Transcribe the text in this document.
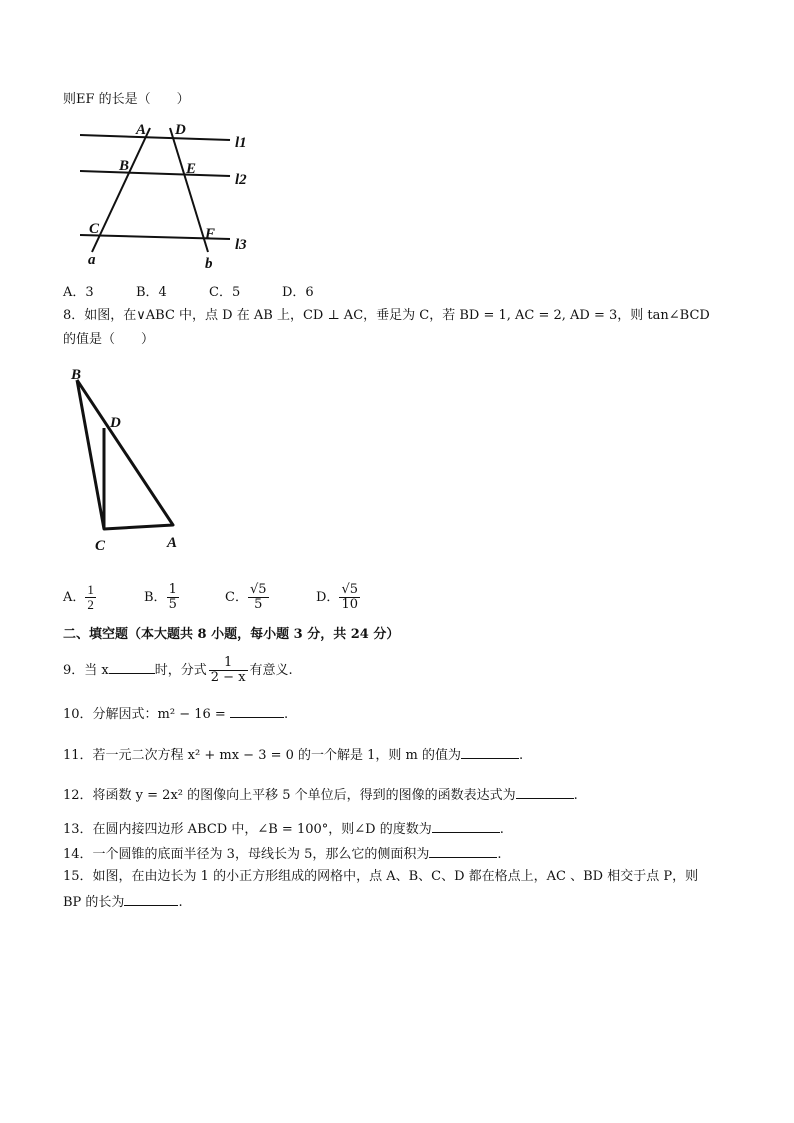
则EF 的长是（　　）
A D
B	E
C	F
l1
l2
l3
a	b
A．3	B．4	C．5	D．6
8．如图，在∨ABC 中，点 D 在 AB 上，CD ⊥ AC，垂足为 C，若 BD = 1, AC = 2, AD = 3，则 tan∠BCD
的值是（　　）
B
D
C	A
A． $\frac{1}{2}$	B． $\frac{1}{5}$	C． $\frac{√5}{5}$	D． $\frac{√5}{10}$
二、填空题（本大题共 8 小题，每小题 3 分，共 24 分）
9．当 x	时，分式 $\frac{1}{2 - x}$ 有意义.
10．分解因式：m² − 16 =	.
11．若一元二次方程 x² + mx − 3 = 0 的一个解是 1，则 m 的值为	.
12．将函数 y = 2x² 的图像向上平移 5 个单位后，得到的图像的函数表达式为	.
13．在圆内接四边形 ABCD 中，∠B = 100°，则∠D 的度数为	.
14．一个圆锥的底面半径为 3，母线长为 5，那么它的侧面积为	.
15．如图，在由边长为 1 的小正方形组成的网格中，点 A、B、C、D 都在格点上，AC 、BD 相交于点 P，则
BP 的长为	.
